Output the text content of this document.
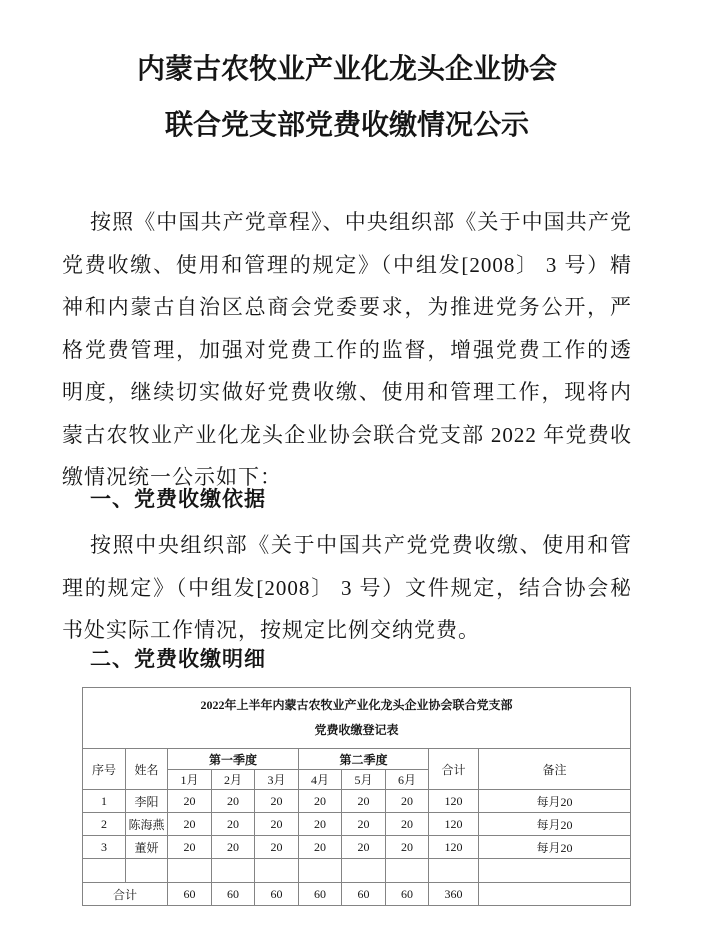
内蒙古农牧业产业化龙头企业协会
联合党支部党费收缴情况公示

按照《中国共产党章程》、中央组织部《关于中国共产党党费收缴、使用和管理的规定》（中组发[2008〕 3 号）精神和内蒙古自治区总商会党委要求，为推进党务公开，严格党费管理，加强对党费工作的监督，增强党费工作的透明度，继续切实做好党费收缴、使用和管理工作，现将内蒙古农牧业产业化龙头企业协会联合党支部 2022 年党费收缴情况统一公示如下：

一、党费收缴依据

按照中央组织部《关于中国共产党党费收缴、使用和管理的规定》（中组发[2008〕 3 号）文件规定，结合协会秘书处实际工作情况，按规定比例交纳党费。

二、党费收缴明细

2022年上半年内蒙古农牧业产业化龙头企业协会联合党支部
党费收缴登记表									

序号	姓名	第一季度			第二季度			合计	备注
		1月	2月	3月	4月	5月	6月		
1	李阳	20	20	20	20	20	20	120	每月20
2	陈海燕	20	20	20	20	20	20	120	每月20
3	董妍	20	20	20	20	20	20	120	每月20

合计		60	60	60	60	60	60	360	
